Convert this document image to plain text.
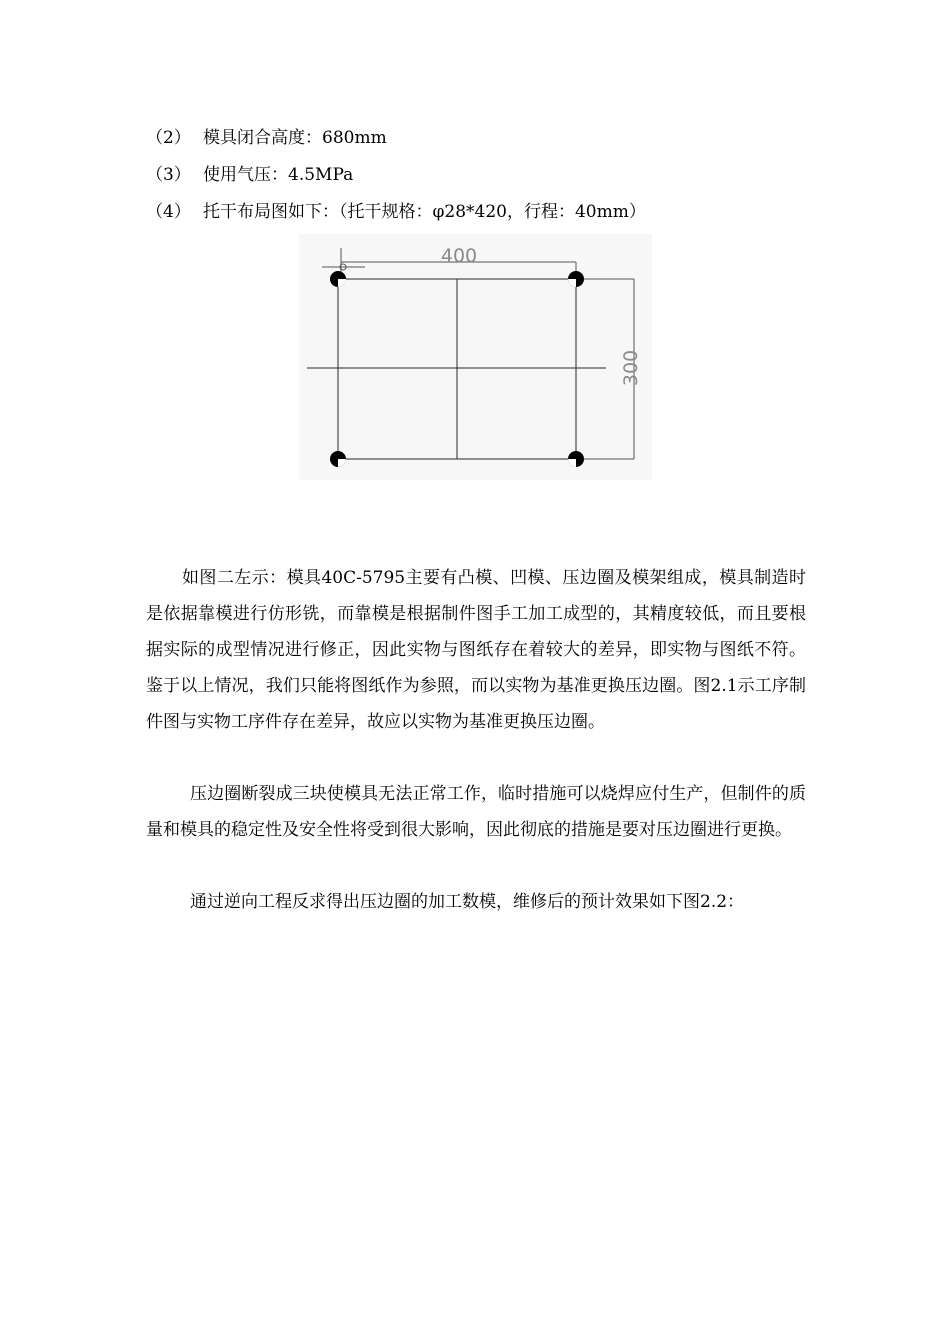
（2） 模具闭合高度：680mm
（3） 使用气压：4.5MPa
（4） 托干布局图如下：（托干规格：φ28*420，行程：40mm）
400
300

如图二左示：模具40C-5795主要有凸模、凹模、压边圈及模架组成，模具制造时是依据靠模进行仿形铣，而靠模是根据制件图手工加工成型的，其精度较低，而且要根据实际的成型情况进行修正，因此实物与图纸存在着较大的差异，即实物与图纸不符。鉴于以上情况，我们只能将图纸作为参照，而以实物为基准更换压边圈。图2.1示工序制件图与实物工序件存在差异，故应以实物为基准更换压边圈。

压边圈断裂成三块使模具无法正常工作，临时措施可以烧焊应付生产，但制件的质量和模具的稳定性及安全性将受到很大影响，因此彻底的措施是要对压边圈进行更换。

通过逆向工程反求得出压边圈的加工数模，维修后的预计效果如下图2.2：
